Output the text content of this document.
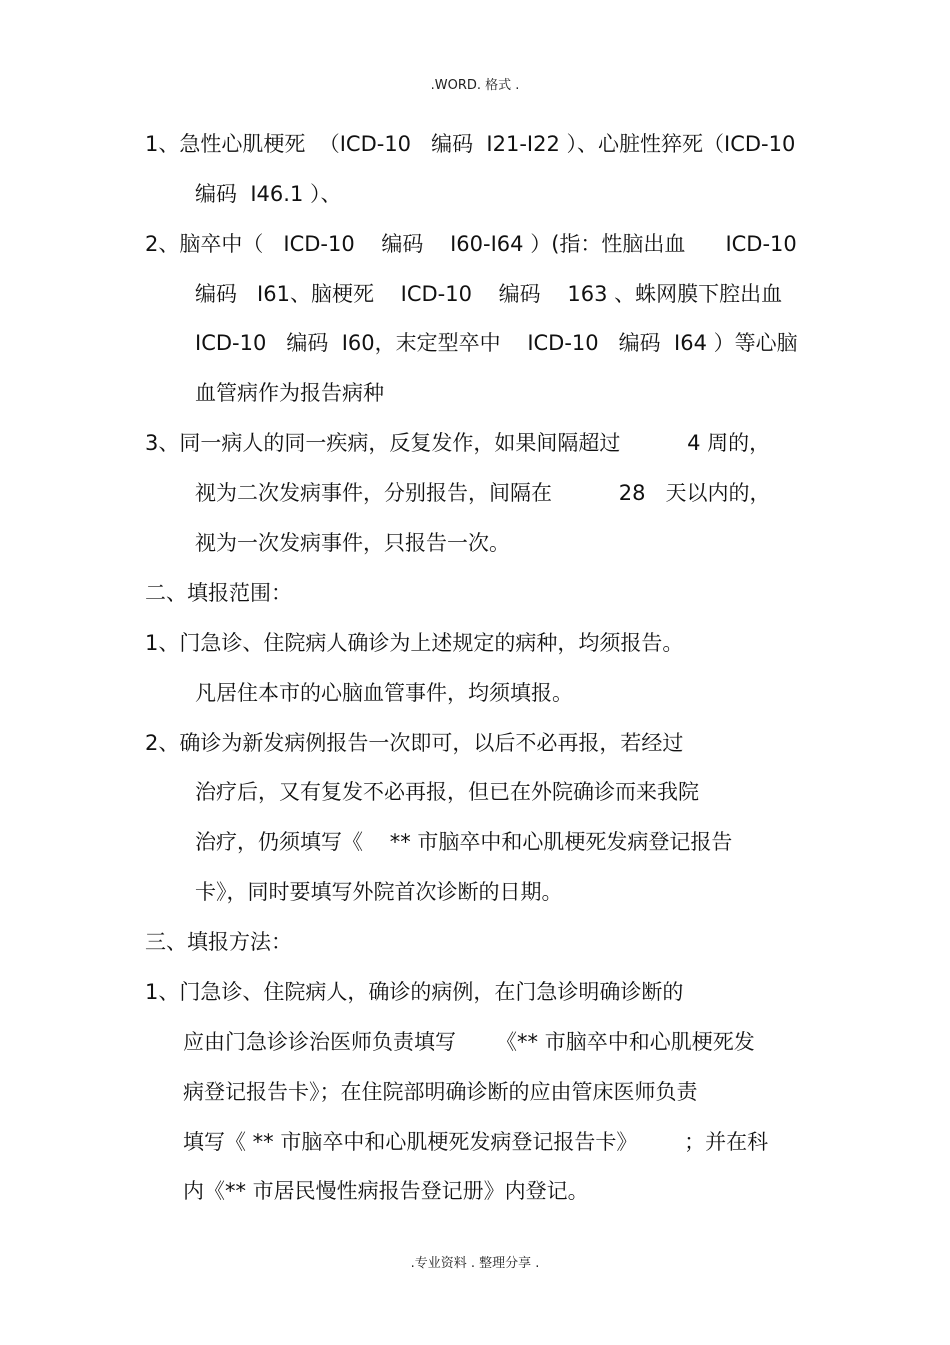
.WORD. 格式 .
1、急性心肌梗死  （ICD-10   编码  I21-I22 ）、心脏性猝死（ICD-10
编码  I46.1 ）、
2、脑卒中（   ICD-10    编码    I60-I64 ）(指：性脑出血      ICD-10
编码   I61、脑梗死    ICD-10    编码    163 、蛛网膜下腔出血
ICD-10   编码  I60，末定型卒中    ICD-10   编码  I64 ）等心脑
血管病作为报告病种
3、同一病人的同一疾病，反复发作，如果间隔超过          4 周的，
视为二次发病事件，分别报告，间隔在          28   天以内的，
视为一次发病事件，只报告一次。
二、填报范围：
1、门急诊、住院病人确诊为上述规定的病种，均须报告。
凡居住本市的心脑血管事件，均须填报。
2、确诊为新发病例报告一次即可，以后不必再报，若经过
治疗后，又有复发不必再报，但已在外院确诊而来我院
治疗，仍须填写《    ** 市脑卒中和心肌梗死发病登记报告
卡》，同时要填写外院首次诊断的日期。
三、填报方法：
1、门急诊、住院病人，确诊的病例，在门急诊明确诊断的
应由门急诊诊治医师负责填写      《** 市脑卒中和心肌梗死发
病登记报告卡》；在住院部明确诊断的应由管床医师负责
填写《 ** 市脑卒中和心肌梗死发病登记报告卡》       ；并在科
内《** 市居民慢性病报告登记册》内登记。
.专业资料 . 整理分享 .
